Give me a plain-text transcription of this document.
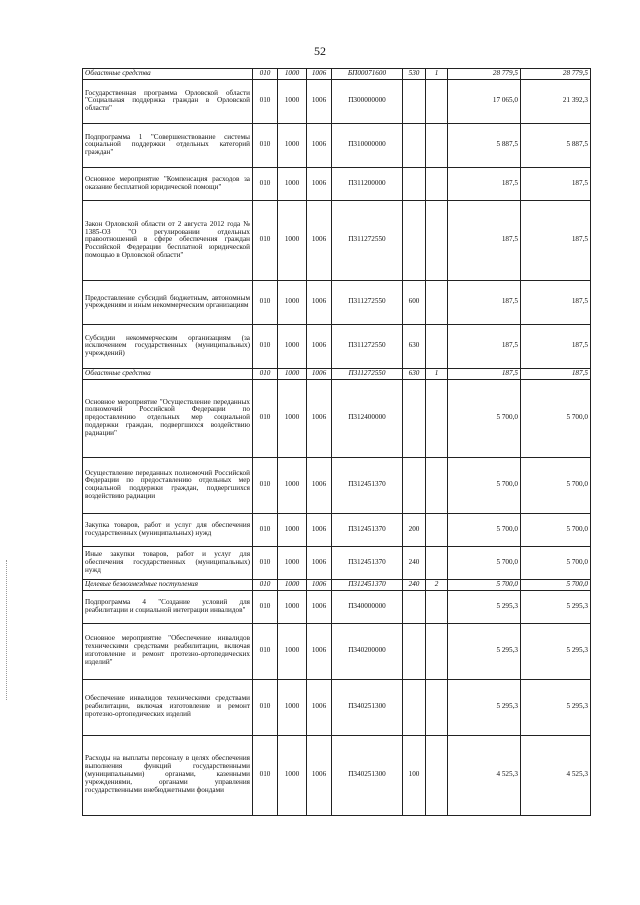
52
Областные средства	010	1000	1006	БП00071600	530	1	28 779,5	28 779,5
Государственная программа Орловской области "Социальная поддержка граждан в Орловской области"	010	1000	1006	П300000000			17 065,0	21 392,3
Подпрограмма 1 "Совершенствование системы социальной поддержки отдельных категорий граждан"	010	1000	1006	П310000000			5 887,5	5 887,5
Основное мероприятие "Компенсация расходов за оказание бесплатной юридической помощи"	010	1000	1006	П311200000			187,5	187,5
Закон Орловской области от 2 августа 2012 года № 1385-ОЗ "О регулировании отдельных правоотношений в сфере обеспечения граждан Российской Федерации бесплатной юридической помощью в Орловской области"	010	1000	1006	П311272550			187,5	187,5
Предоставление субсидий бюджетным, автономным учреждениям и иным некоммерческим организациям	010	1000	1006	П311272550	600		187,5	187,5
Субсидии некоммерческим организациям (за исключением государственных (муниципальных) учреждений)	010	1000	1006	П311272550	630		187,5	187,5
Областные средства	010	1000	1006	П311272550	630	1	187,5	187,5
Основное мероприятие "Осуществление переданных полномочий Российской Федерации по предоставлению отдельных мер социальной поддержки граждан, подвергшихся воздействию радиации"	010	1000	1006	П312400000			5 700,0	5 700,0
Осуществление переданных полномочий Российской Федерации по предоставлению отдельных мер социальной поддержки граждан, подвергшихся воздействию радиации	010	1000	1006	П312451370			5 700,0	5 700,0
Закупка товаров, работ и услуг для обеспечения государственных (муниципальных) нужд	010	1000	1006	П312451370	200		5 700,0	5 700,0
Иные закупки товаров, работ и услуг для обеспечения государственных (муниципальных) нужд	010	1000	1006	П312451370	240		5 700,0	5 700,0
Целевые безвозмездные поступления	010	1000	1006	П312451370	240	2	5 700,0	5 700,0
Подпрограмма 4 "Создание условий для реабилитации и социальной интеграции инвалидов"	010	1000	1006	П340000000			5 295,3	5 295,3
Основное мероприятие "Обеспечение инвалидов техническими средствами реабилитации, включая изготовление и ремонт протезно-ортопедических изделий"	010	1000	1006	П340200000			5 295,3	5 295,3
Обеспечение инвалидов техническими средствами реабилитации, включая изготовление и ремонт протезно-ортопедических изделий	010	1000	1006	П340251300			5 295,3	5 295,3
Расходы на выплаты персоналу в целях обеспечения выполнения функций государственными (муниципальными) органами, казенными учреждениями, органами управления государственными внебюджетными фондами	010	1000	1006	П340251300	100		4 525,3	4 525,3
